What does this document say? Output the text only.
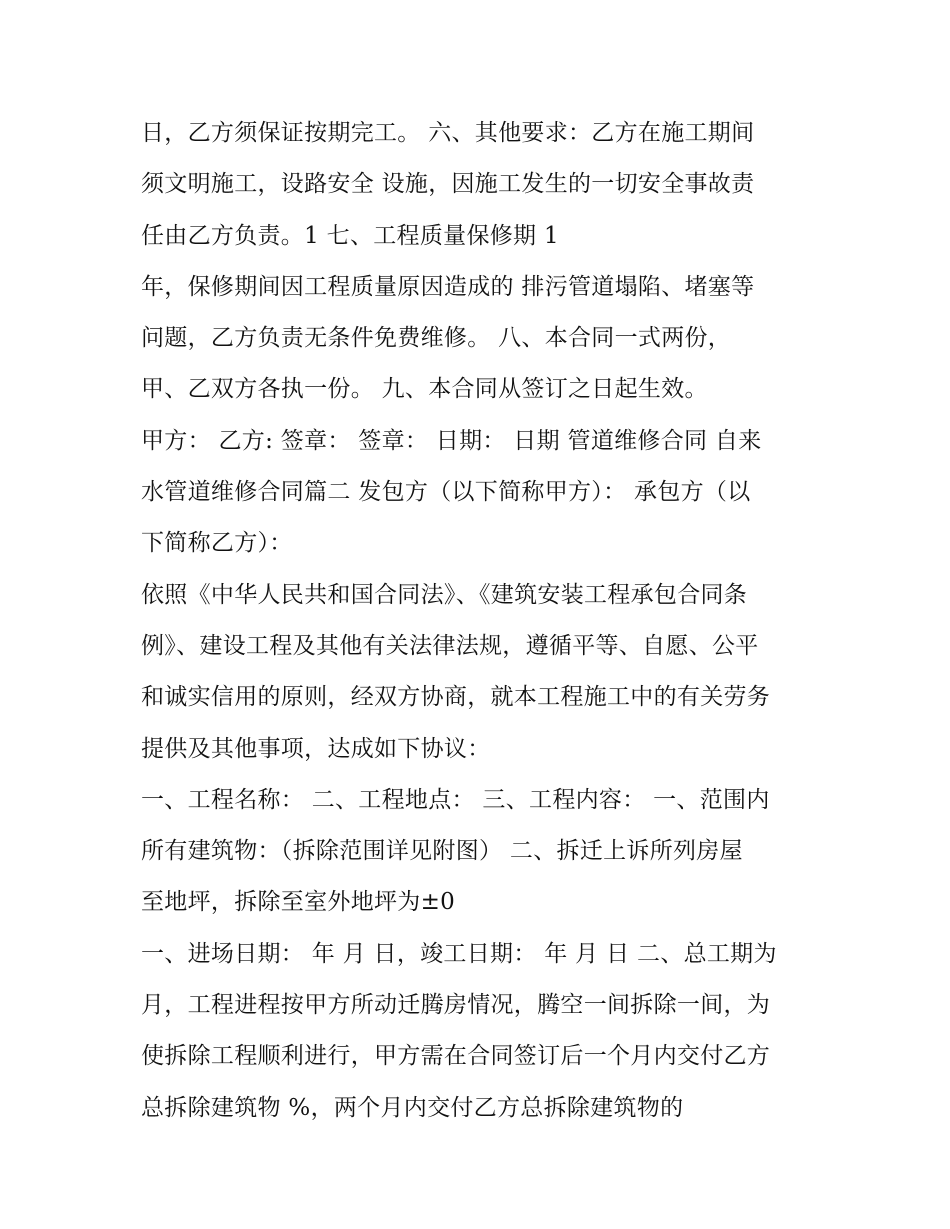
日，乙方须保证按期完工。 六、其他要求：乙方在施工期间
须文明施工，设路安全 设施，因施工发生的一切安全事故责
任由乙方负责。1 七、工程质量保修期 1
年，保修期间因工程质量原因造成的 排污管道塌陷、堵塞等
问题，乙方负责无条件免费维修。 八、本合同一式两份，
甲、乙双方各执一份。 九、本合同从签订之日起生效。
甲方： 乙方: 签章： 签章： 日期： 日期 管道维修合同 自来
水管道维修合同篇二 发包方（以下简称甲方）： 承包方（以
下简称乙方）：
依照《中华人民共和国合同法》、《建筑安装工程承包合同条
例》、建设工程及其他有关法律法规，遵循平等、自愿、公平
和诚实信用的原则，经双方协商，就本工程施工中的有关劳务
提供及其他事项，达成如下协议：
一、工程名称： 二、工程地点： 三、工程内容： 一、范围内
所有建筑物：（拆除范围详见附图） 二、拆迁上诉所列房屋
至地坪，拆除至室外地坪为±0
一、进场日期： 年 月 日，竣工日期： 年 月 日 二、总工期为
月，工程进程按甲方所动迁腾房情况，腾空一间拆除一间，为
使拆除工程顺利进行，甲方需在合同签订后一个月内交付乙方
总拆除建筑物 %，两个月内交付乙方总拆除建筑物的
